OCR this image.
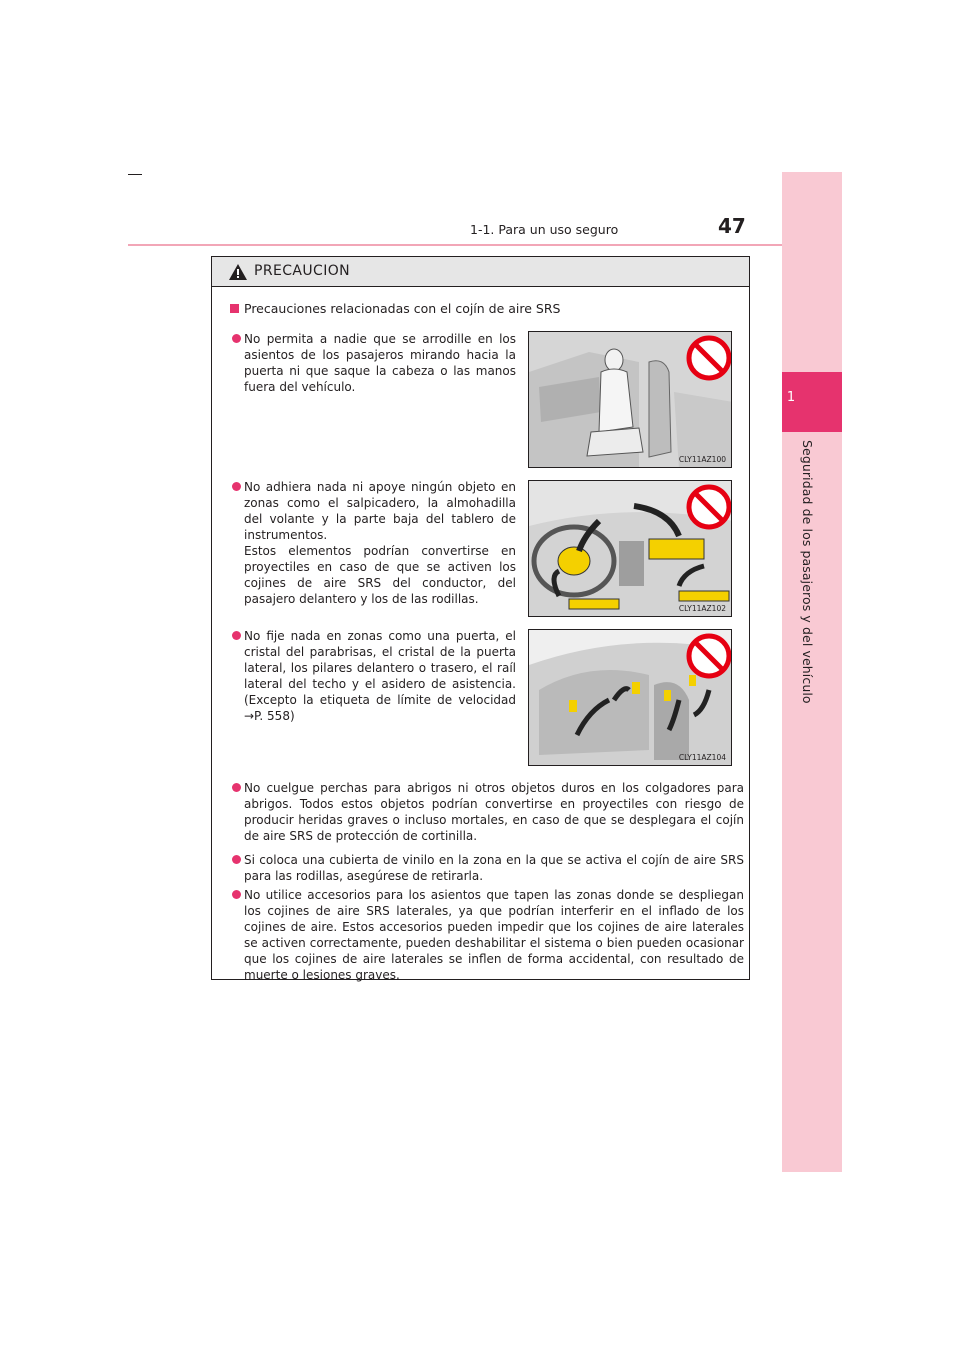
1
Seguridad de los pasajeros y del vehículo
1-1. Para un uso seguro	47
PRECAUCION
Precauciones relacionadas con el cojín de aire SRS
No permita a nadie que se arrodille en los asientos de los pasajeros mirando hacia la puerta ni que saque la cabeza o las manos fuera del vehículo.
CLY11AZ100
No adhiera nada ni apoye ningún objeto en zonas como el salpicadero, la almohadilla del volante y la parte baja del tablero de instrumentos.
Estos elementos podrían convertirse en proyectiles en caso de que se activen los cojines de aire SRS del conductor, del pasajero delantero y los de las rodillas.
CLY11AZ102
No fije nada en zonas como una puerta, el cristal del parabrisas, el cristal de la puerta lateral, los pilares delantero o trasero, el raíl lateral del techo y el asidero de asistencia. (Excepto la etiqueta de límite de velocidad →P. 558)
CLY11AZ104
No cuelgue perchas para abrigos ni otros objetos duros en los colgadores para abrigos. Todos estos objetos podrían convertirse en proyectiles con riesgo de producir heridas graves o incluso mortales, en caso de que se desplegara el cojín de aire SRS de protección de cortinilla.
Si coloca una cubierta de vinilo en la zona en la que se activa el cojín de aire SRS para las rodillas, asegúrese de retirarla.
No utilice accesorios para los asientos que tapen las zonas donde se despliegan los cojines de aire SRS laterales, ya que podrían interferir en el inflado de los cojines de aire. Estos accesorios pueden impedir que los cojines de aire laterales se activen correctamente, pueden deshabilitar el sistema o bien pueden ocasionar que los cojines de aire laterales se inflen de forma accidental, con resultado de muerte o lesiones graves.
